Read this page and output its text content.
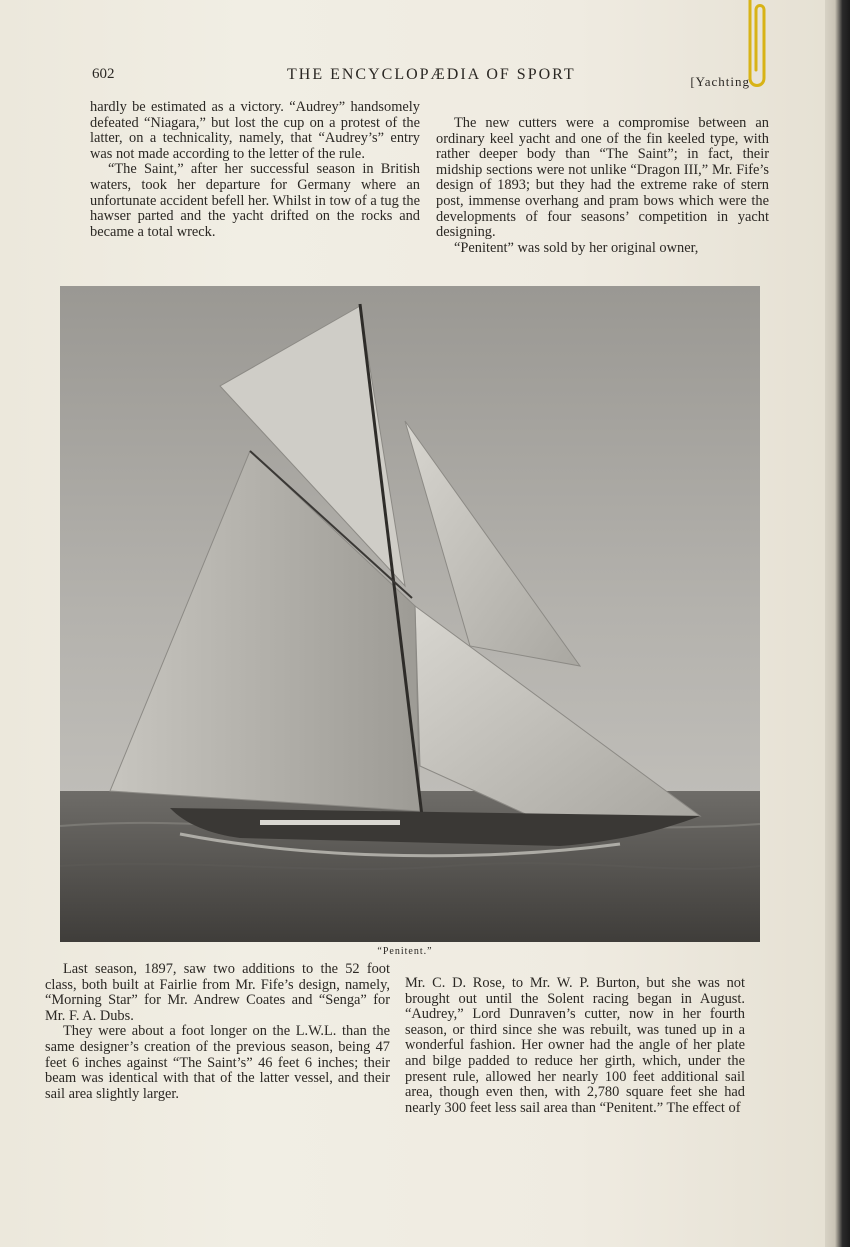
602	THE ENCYCLOPÆDIA OF SPORT	[Yachting

hardly be estimated as a victory. “Audrey” handsomely defeated “Niagara,” but lost the cup on a protest of the latter, on a technicality, namely, that “Audrey’s” entry was not made according to the letter of the rule.

“The Saint,” after her successful season in British waters, took her departure for Germany where an unfortunate accident befell her. Whilst in tow of a tug the hawser parted and the yacht drifted on the rocks and became a total wreck.

The new cutters were a compromise between an ordinary keel yacht and one of the fin keeled type, with rather deeper body than “The Saint”; in fact, their midship sections were not unlike “Dragon III,” Mr. Fife’s design of 1893; but they had the extreme rake of stern post, immense overhang and pram bows which were the developments of four seasons’ competition in yacht designing.

“Penitent” was sold by her original owner,

“Penitent.”

Last season, 1897, saw two additions to the 52 foot class, both built at Fairlie from Mr. Fife’s design, namely, “Morning Star” for Mr. Andrew Coates and “Senga” for Mr. F. A. Dubs.

They were about a foot longer on the L.W.L. than the same designer’s creation of the previous season, being 47 feet 6 inches against “The Saint’s” 46 feet 6 inches; their beam was identical with that of the latter vessel, and their sail area slightly larger.

Mr. C. D. Rose, to Mr. W. P. Burton, but she was not brought out until the Solent racing began in August. “Audrey,” Lord Dunraven’s cutter, now in her fourth season, or third since she was rebuilt, was tuned up in a wonderful fashion. Her owner had the angle of her plate and bilge padded to reduce her girth, which, under the present rule, allowed her nearly 100 feet additional sail area, though even then, with 2,780 square feet she had nearly 300 feet less sail area than “Penitent.” The effect of
